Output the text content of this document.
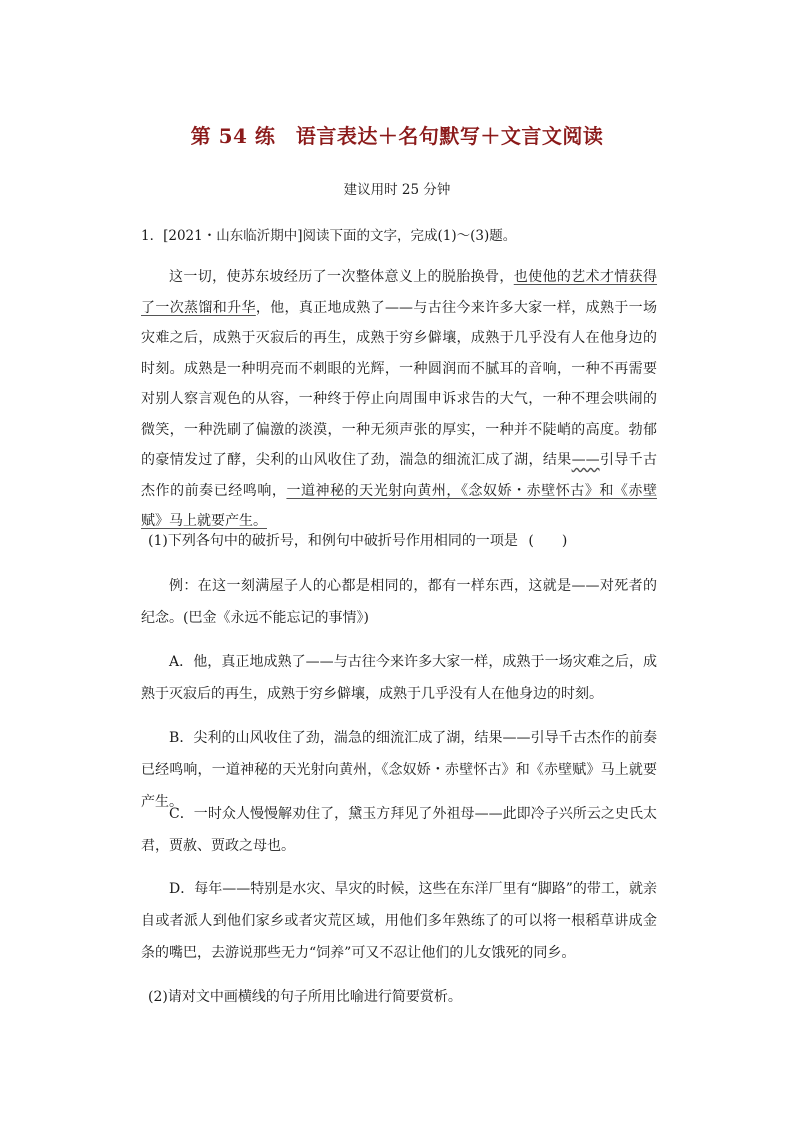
第 54 练　语言表达＋名句默写＋文言文阅读
建议用时 25 分钟
1．[2021・山东临沂期中]阅读下面的文字，完成(1)～(3)题。

这一切，使苏东坡经历了一次整体意义上的脱胎换骨，也使他的艺术才情获得了一次蒸馏和升华，他，真正地成熟了——与古往今来许多大家一样，成熟于一场灾难之后，成熟于灭寂后的再生，成熟于穷乡僻壤，成熟于几乎没有人在他身边的时刻。成熟是一种明亮而不刺眼的光辉，一种圆润而不腻耳的音响，一种不再需要对别人察言观色的从容，一种终于停止向周围申诉求告的大气，一种不理会哄闹的微笑，一种洗刷了偏激的淡漠，一种无须声张的厚实，一种并不陡峭的高度。勃郁的豪情发过了酵，尖利的山风收住了劲，湍急的细流汇成了湖，结果——引导千古杰作的前奏已经鸣响，一道神秘的天光射向黄州，《念奴娇・赤壁怀古》和《赤壁赋》马上就要产生。

(1)下列各句中的破折号，和例句中破折号作用相同的一项是 (　　)

例：在这一刻满屋子人的心都是相同的，都有一样东西，这就是——对死者的纪念。(巴金《永远不能忘记的事情》)

A．他，真正地成熟了——与古往今来许多大家一样，成熟于一场灾难之后，成熟于灭寂后的再生，成熟于穷乡僻壤，成熟于几乎没有人在他身边的时刻。

B．尖利的山风收住了劲，湍急的细流汇成了湖，结果——引导千古杰作的前奏已经鸣响，一道神秘的天光射向黄州，《念奴娇・赤壁怀古》和《赤壁赋》马上就要产生。

C．一时众人慢慢解劝住了，黛玉方拜见了外祖母——此即冷子兴所云之史氏太君，贾赦、贾政之母也。

D．每年——特别是水灾、旱灾的时候，这些在东洋厂里有“脚路”的带工，就亲自或者派人到他们家乡或者灾荒区域，用他们多年熟练了的可以将一根稻草讲成金条的嘴巴，去游说那些无力“饲养”可又不忍让他们的儿女饿死的同乡。

(2)请对文中画横线的句子所用比喻进行简要赏析。
